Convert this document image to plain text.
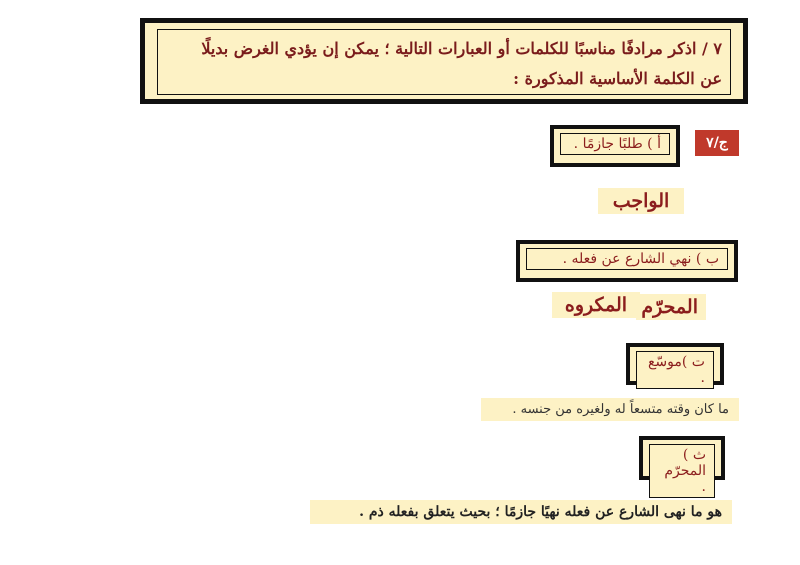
٧ / اذكر مرادفًا مناسبًا للكلمات أو العبارات التالية ؛ يمكن إن يؤدي الغرض بديلًا
عن الكلمة الأساسية المذكورة :
ج/٧
أ ) طلبًا جازمًا .
الواجب
ب ) نهي الشارع عن فعله .
المكروه المحرّم
ت )موسّع .
ما كان وقته متسعاً له ولغيره من جنسه .
ث ) المحرّم .
هو ما نهى الشارع عن فعله نهيًا جازمًا ؛ بحيث يتعلق بفعله ذم .
